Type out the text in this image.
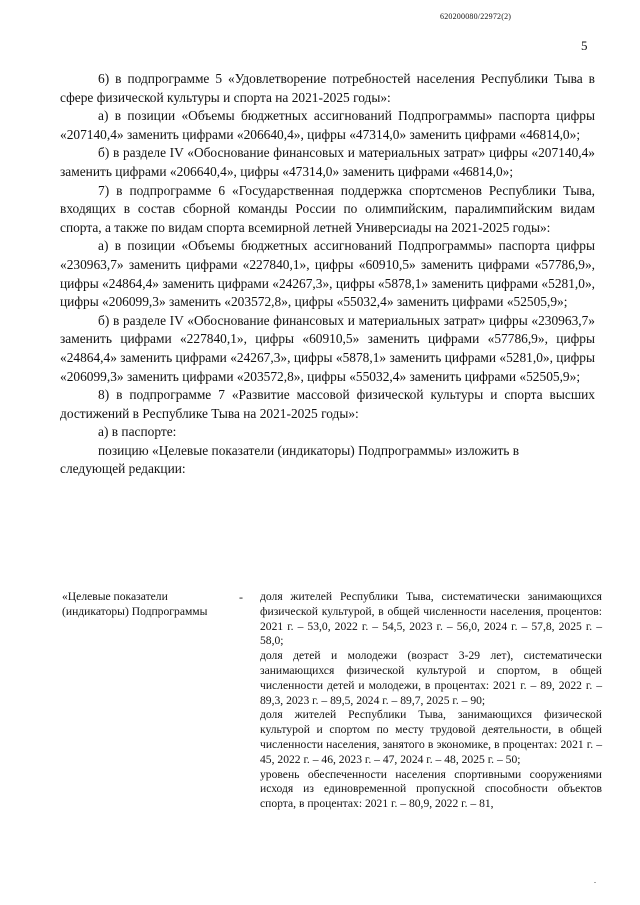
620200080/22972(2)
5

6) в подпрограмме 5 «Удовлетворение потребностей населения Республики Тыва в сфере физической культуры и спорта на 2021-2025 годы»:

а) в позиции «Объемы бюджетных ассигнований Подпрограммы» паспорта цифры «207140,4» заменить цифрами «206640,4», цифры «47314,0» заменить цифрами «46814,0»;

б) в разделе IV «Обоснование финансовых и материальных затрат» цифры «207140,4» заменить цифрами «206640,4», цифры «47314,0» заменить цифрами «46814,0»;

7) в подпрограмме 6 «Государственная поддержка спортсменов Республики Тыва, входящих в состав сборной команды России по олимпийским, паралимпийским видам спорта, а также по видам спорта всемирной летней Универсиады на 2021-2025 годы»:

а) в позиции «Объемы бюджетных ассигнований Подпрограммы» паспорта цифры «230963,7» заменить цифрами «227840,1», цифры «60910,5» заменить цифрами «57786,9», цифры «24864,4» заменить цифрами «24267,3», цифры «5878,1» заменить цифрами «5281,0», цифры «206099,3» заменить «203572,8», цифры «55032,4» заменить цифрами «52505,9»;

б) в разделе IV «Обоснование финансовых и материальных затрат» цифры «230963,7» заменить цифрами «227840,1», цифры «60910,5» заменить цифрами «57786,9», цифры «24864,4» заменить цифрами «24267,3», цифры «5878,1» заменить цифрами «5281,0», цифры «206099,3» заменить цифрами «203572,8», цифры «55032,4» заменить цифрами «52505,9»;

8) в подпрограмме 7 «Развитие массовой физической культуры и спорта высших достижений в Республике Тыва на 2021-2025 годы»:

а) в паспорте:

позицию «Целевые показатели (индикаторы) Подпрограммы» изложить в

следующей редакции:

«Целевые показатели (индикаторы) Подпрограммы
- доля жителей Республики Тыва, систематически занимающихся физической культурой, в общей численности населения, процентов: 2021 г. – 53,0, 2022 г. – 54,5, 2023 г. – 56,0, 2024 г. – 57,8, 2025 г. – 58,0;

доля детей и молодежи (возраст 3-29 лет), систематически занимающихся физической культурой и спортом, в общей численности детей и молодежи, в процентах: 2021 г. – 89, 2022 г. – 89,3, 2023 г. – 89,5, 2024 г. – 89,7, 2025 г. – 90;

доля жителей Республики Тыва, занимающихся физической культурой и спортом по месту трудовой деятельности, в общей численности населения, занятого в экономике, в процентах: 2021 г. – 45, 2022 г. – 46, 2023 г. – 47, 2024 г. – 48, 2025 г. – 50;

уровень обеспеченности населения спортивными сооружениями исходя из единовременной пропускной способности объектов спорта, в процентах: 2021 г. – 80,9, 2022 г. – 81,

.
